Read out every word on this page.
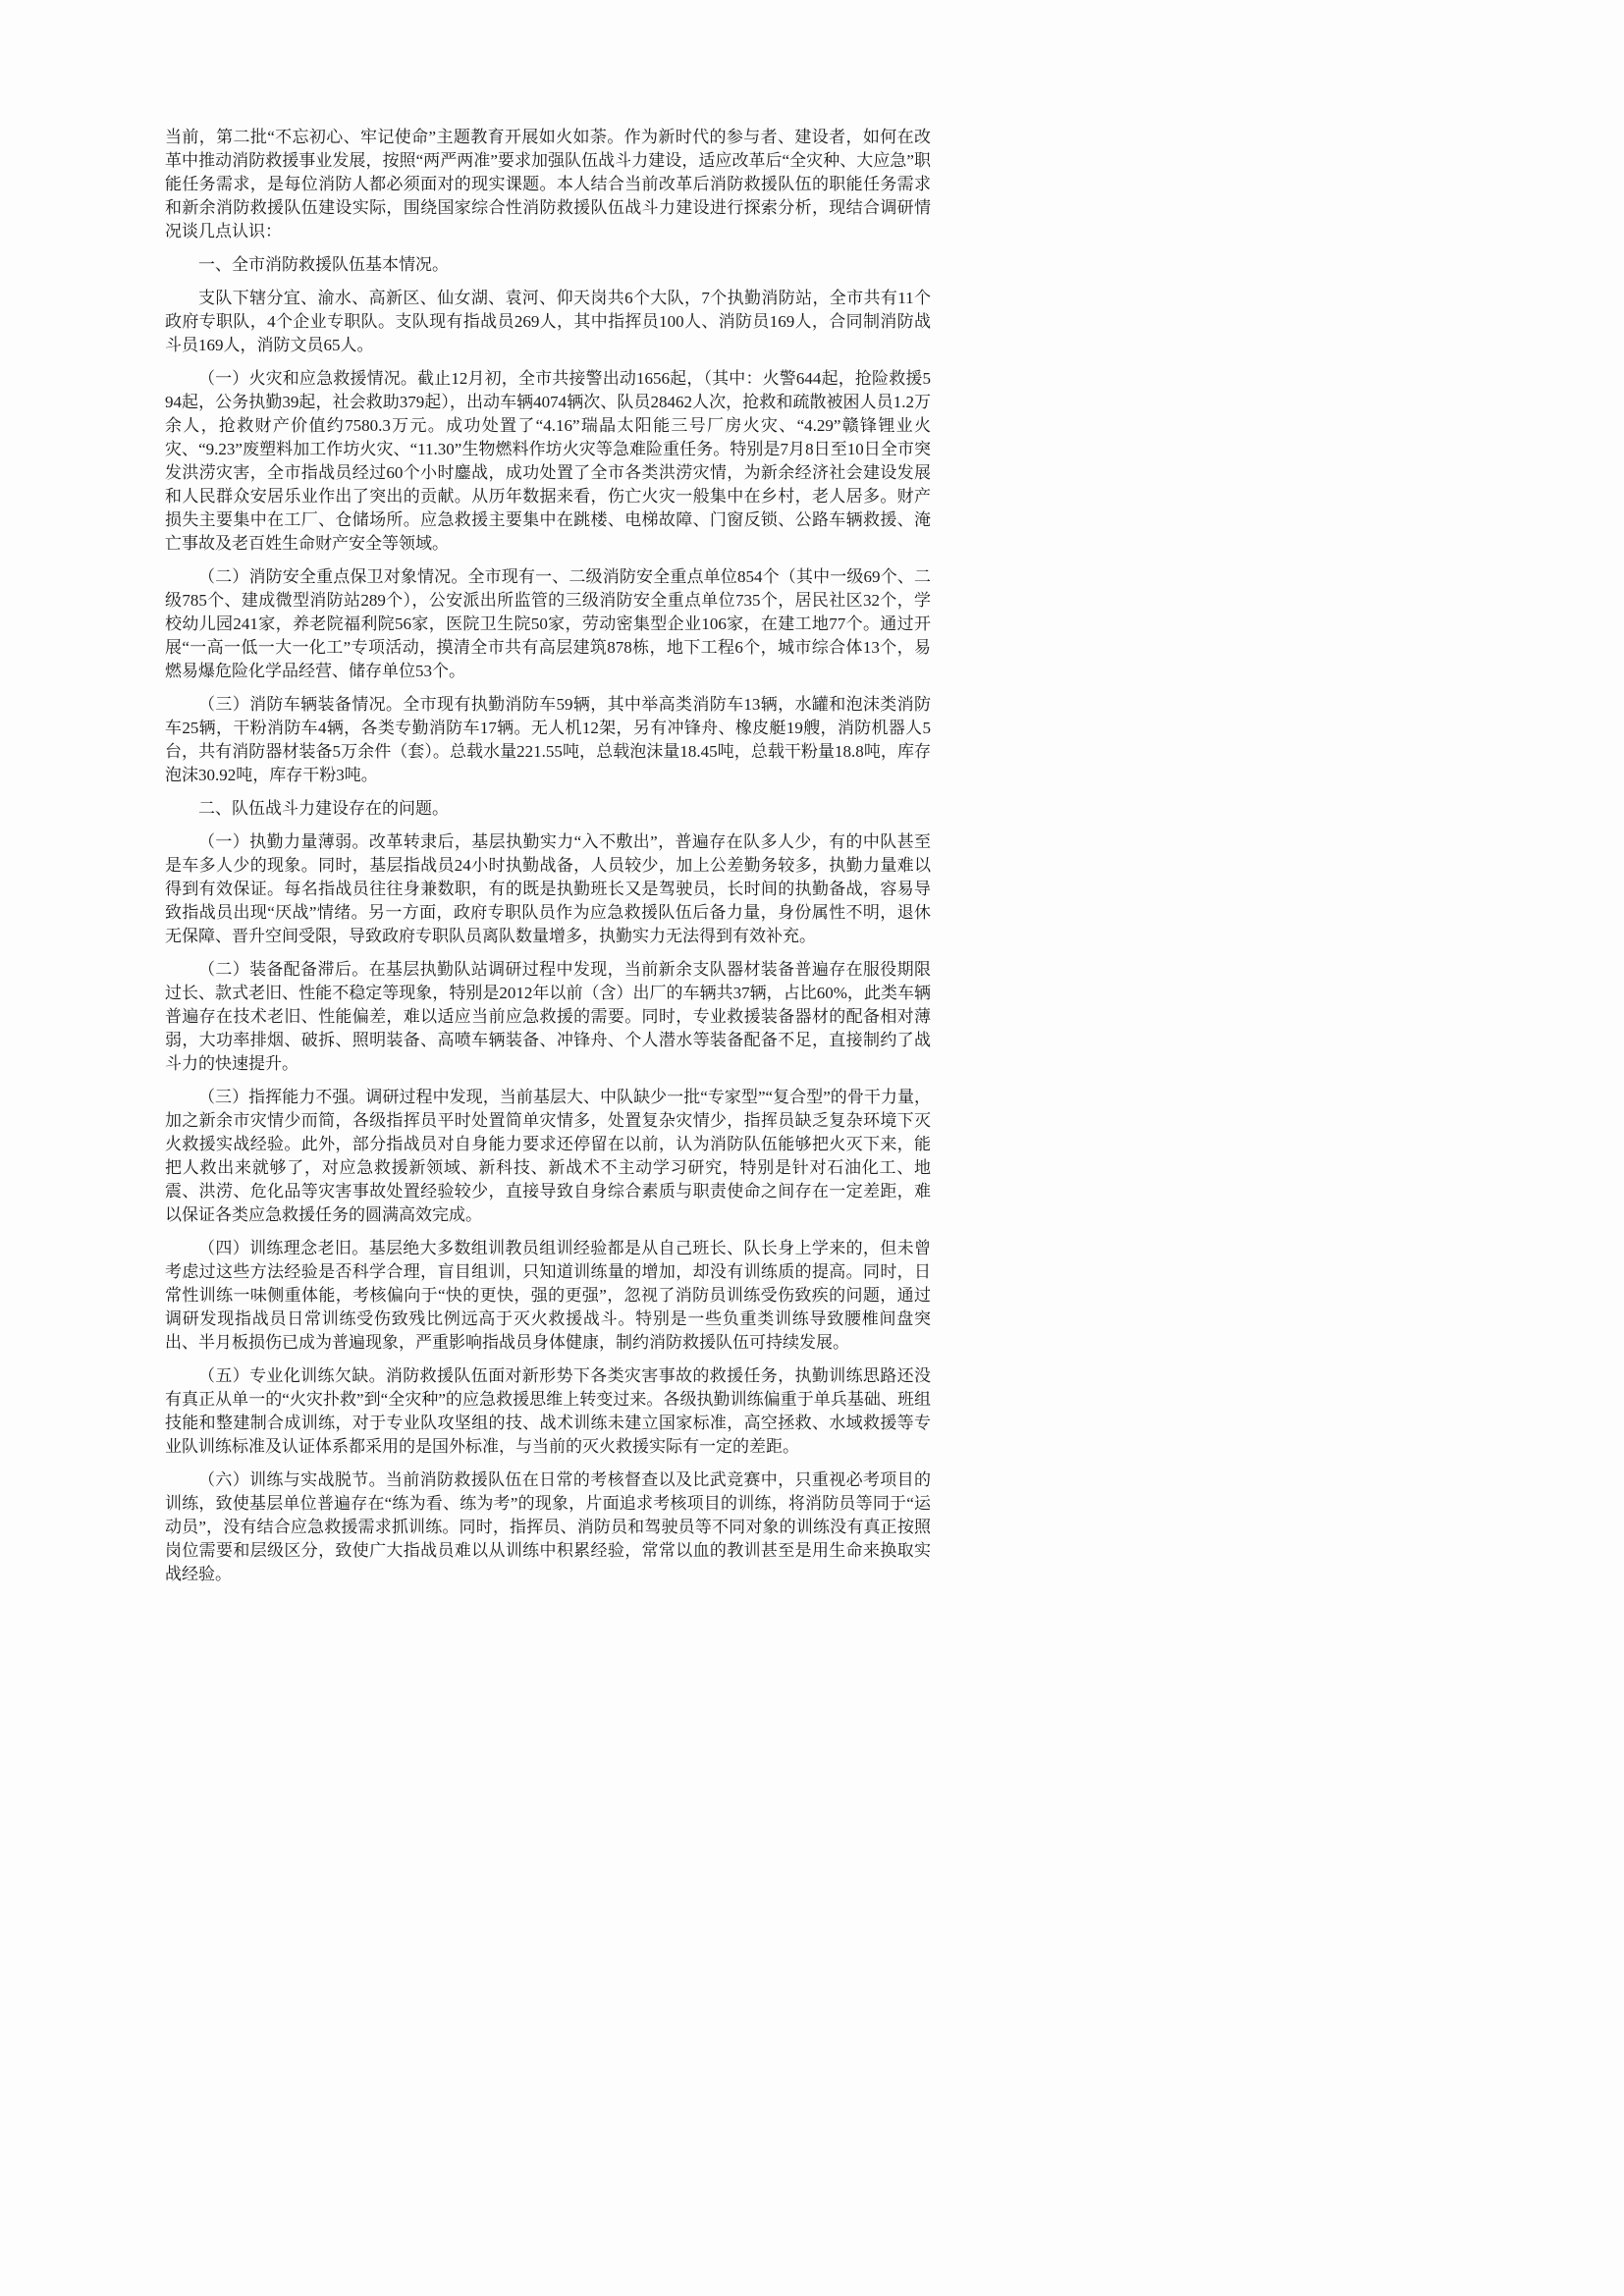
当前，第二批“不忘初心、牢记使命”主题教育开展如火如荼。作为新时代的参与者、建设者，如何在改革中推动消防救援事业发展，按照“两严两准”要求加强队伍战斗力建设，适应改革后“全灾种、大应急”职能任务需求，是每位消防人都必须面对的现实课题。本人结合当前改革后消防救援队伍的职能任务需求和新余消防救援队伍建设实际，围绕国家综合性消防救援队伍战斗力建设进行探索分析，现结合调研情况谈几点认识：

一、全市消防救援队伍基本情况。

支队下辖分宜、渝水、高新区、仙女湖、袁河、仰天岗共6个大队，7个执勤消防站，全市共有11个政府专职队，4个企业专职队。支队现有指战员269人，其中指挥员100人、消防员169人，合同制消防战斗员169人，消防文员65人。

（一）火灾和应急救援情况。截止12月初，全市共接警出动1656起，（其中：火警644起，抢险救援594起，公务执勤39起，社会救助379起），出动车辆4074辆次、队员28462人次，抢救和疏散被困人员1.2万余人，抢救财产价值约7580.3万元。成功处置了“4.16”瑞晶太阳能三号厂房火灾、“4.29”赣锋锂业火灾、“9.23”废塑料加工作坊火灾、“11.30”生物燃料作坊火灾等急难险重任务。特别是7月8日至10日全市突发洪涝灾害，全市指战员经过60个小时鏖战，成功处置了全市各类洪涝灾情，为新余经济社会建设发展和人民群众安居乐业作出了突出的贡献。从历年数据来看，伤亡火灾一般集中在乡村，老人居多。财产损失主要集中在工厂、仓储场所。应急救援主要集中在跳楼、电梯故障、门窗反锁、公路车辆救援、淹亡事故及老百姓生命财产安全等领域。

（二）消防安全重点保卫对象情况。全市现有一、二级消防安全重点单位854个（其中一级69个、二级785个、建成微型消防站289个），公安派出所监管的三级消防安全重点单位735个，居民社区32个，学校幼儿园241家，养老院福利院56家，医院卫生院50家，劳动密集型企业106家，在建工地77个。通过开展“一高一低一大一化工”专项活动，摸清全市共有高层建筑878栋，地下工程6个，城市综合体13个，易燃易爆危险化学品经营、储存单位53个。

（三）消防车辆装备情况。全市现有执勤消防车59辆，其中举高类消防车13辆，水罐和泡沫类消防车25辆，干粉消防车4辆，各类专勤消防车17辆。无人机12架，另有冲锋舟、橡皮艇19艘，消防机器人5台，共有消防器材装备5万余件（套）。总载水量221.55吨，总载泡沫量18.45吨，总载干粉量18.8吨，库存泡沫30.92吨，库存干粉3吨。

二、队伍战斗力建设存在的问题。

（一）执勤力量薄弱。改革转隶后，基层执勤实力“入不敷出”，普遍存在队多人少，有的中队甚至是车多人少的现象。同时，基层指战员24小时执勤战备，人员较少，加上公差勤务较多，执勤力量难以得到有效保证。每名指战员往往身兼数职，有的既是执勤班长又是驾驶员，长时间的执勤备战，容易导致指战员出现“厌战”情绪。另一方面，政府专职队员作为应急救援队伍后备力量，身份属性不明，退休无保障、晋升空间受限，导致政府专职队员离队数量增多，执勤实力无法得到有效补充。

（二）装备配备滞后。在基层执勤队站调研过程中发现，当前新余支队器材装备普遍存在服役期限过长、款式老旧、性能不稳定等现象，特别是2012年以前（含）出厂的车辆共37辆，占比60%，此类车辆普遍存在技术老旧、性能偏差，难以适应当前应急救援的需要。同时，专业救援装备器材的配备相对薄弱，大功率排烟、破拆、照明装备、高喷车辆装备、冲锋舟、个人潜水等装备配备不足，直接制约了战斗力的快速提升。

（三）指挥能力不强。调研过程中发现，当前基层大、中队缺少一批“专家型”“复合型”的骨干力量，加之新余市灾情少而简，各级指挥员平时处置简单灾情多，处置复杂灾情少，指挥员缺乏复杂环境下灭火救援实战经验。此外，部分指战员对自身能力要求还停留在以前，认为消防队伍能够把火灭下来，能把人救出来就够了，对应急救援新领域、新科技、新战术不主动学习研究，特别是针对石油化工、地震、洪涝、危化品等灾害事故处置经验较少，直接导致自身综合素质与职责使命之间存在一定差距，难以保证各类应急救援任务的圆满高效完成。

（四）训练理念老旧。基层绝大多数组训教员组训经验都是从自己班长、队长身上学来的，但未曾考虑过这些方法经验是否科学合理，盲目组训，只知道训练量的增加，却没有训练质的提高。同时，日常性训练一味侧重体能，考核偏向于“快的更快，强的更强”，忽视了消防员训练受伤致疾的问题，通过调研发现指战员日常训练受伤致残比例远高于灭火救援战斗。特别是一些负重类训练导致腰椎间盘突出、半月板损伤已成为普遍现象，严重影响指战员身体健康，制约消防救援队伍可持续发展。

（五）专业化训练欠缺。消防救援队伍面对新形势下各类灾害事故的救援任务，执勤训练思路还没有真正从单一的“火灾扑救”到“全灾种”的应急救援思维上转变过来。各级执勤训练偏重于单兵基础、班组技能和整建制合成训练，对于专业队攻坚组的技、战术训练未建立国家标准，高空拯救、水域救援等专业队训练标准及认证体系都采用的是国外标准，与当前的灭火救援实际有一定的差距。

（六）训练与实战脱节。当前消防救援队伍在日常的考核督查以及比武竞赛中，只重视必考项目的训练，致使基层单位普遍存在“练为看、练为考”的现象，片面追求考核项目的训练，将消防员等同于“运动员”，没有结合应急救援需求抓训练。同时，指挥员、消防员和驾驶员等不同对象的训练没有真正按照岗位需要和层级区分，致使广大指战员难以从训练中积累经验，常常以血的教训甚至是用生命来换取实战经验。
